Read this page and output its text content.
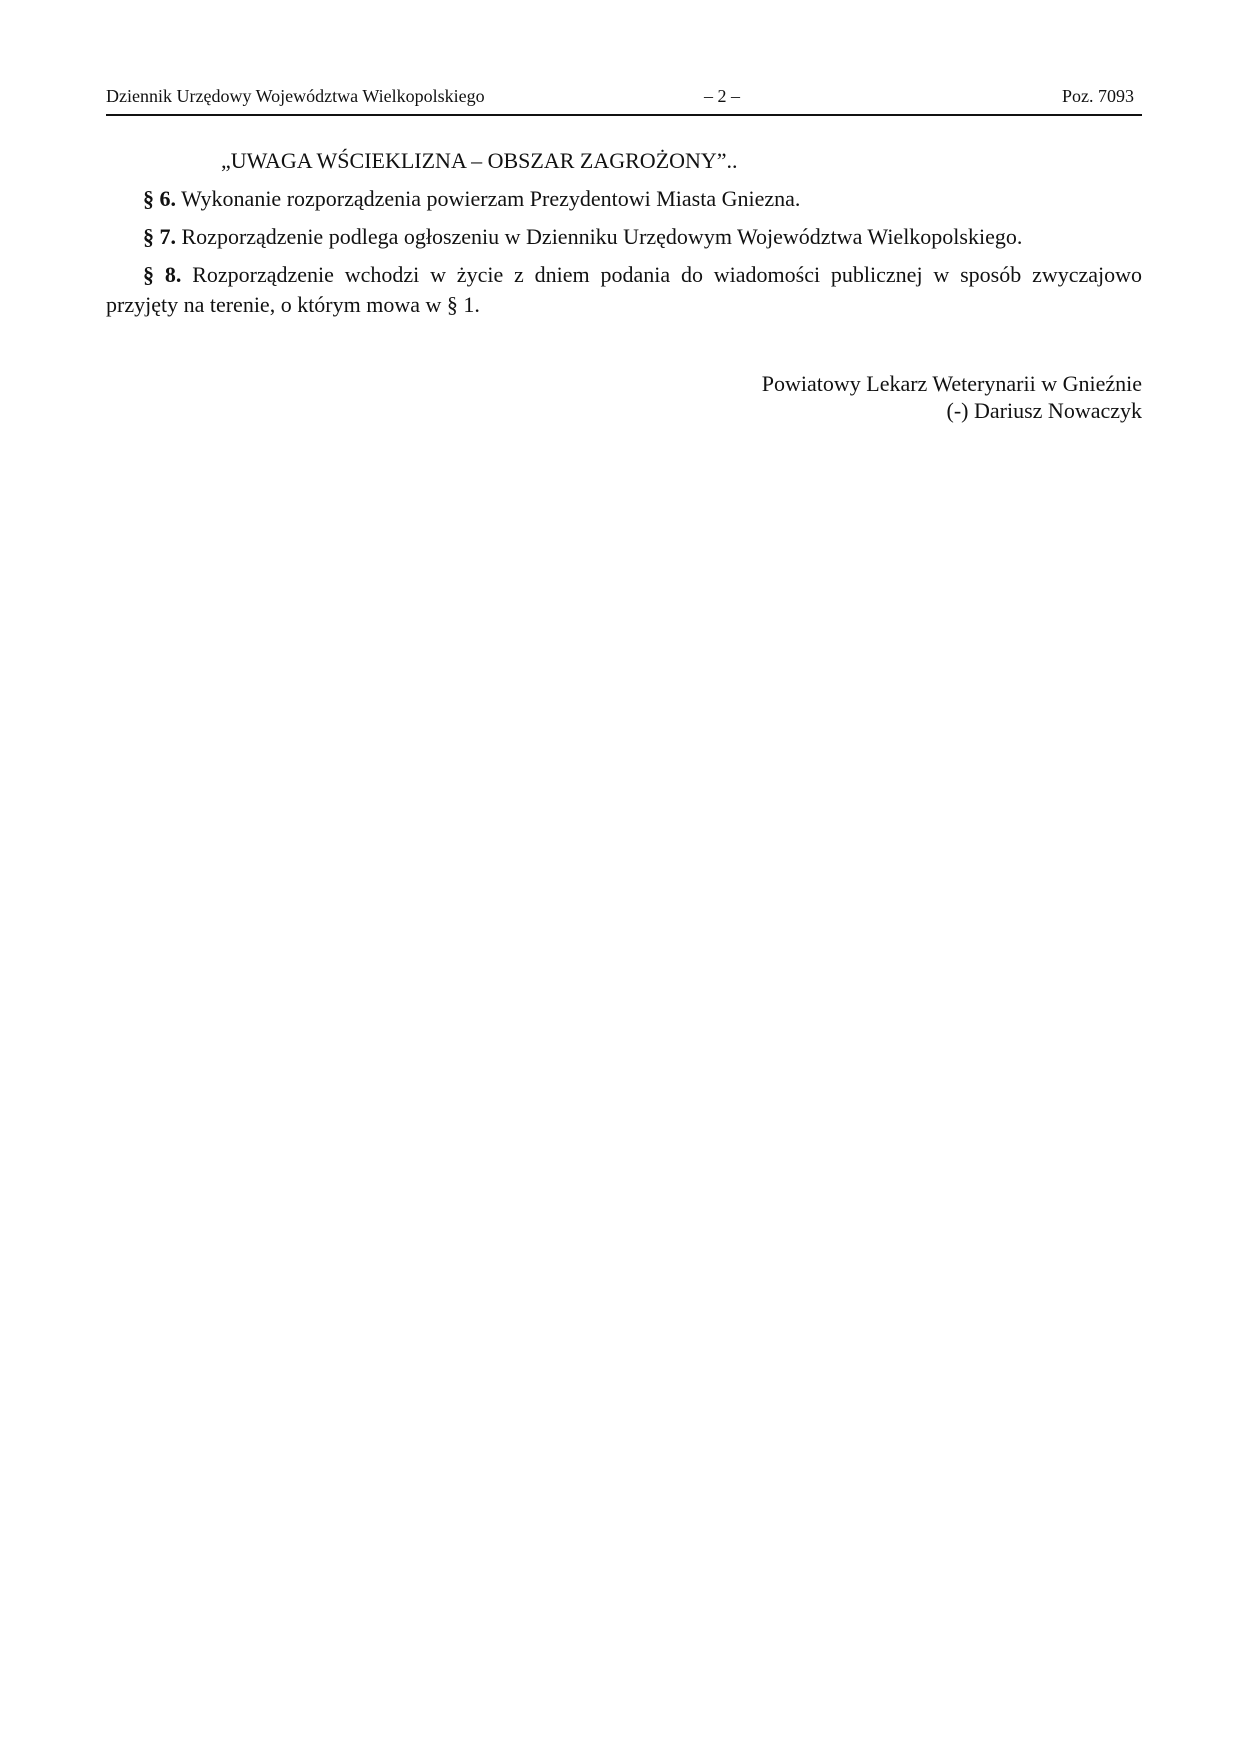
Dziennik Urzędowy Województwa Wielkopolskiego	– 2 –	Poz. 7093

„UWAGA WŚCIEKLIZNA – OBSZAR ZAGROŻONY”..

§ 6. Wykonanie rozporządzenia powierzam Prezydentowi Miasta Gniezna.

§ 7. Rozporządzenie podlega ogłoszeniu w Dzienniku Urzędowym Województwa Wielkopolskiego.

§ 8. Rozporządzenie wchodzi w życie z dniem podania do wiadomości publicznej w sposób zwyczajowo przyjęty na terenie, o którym mowa w § 1.

Powiatowy Lekarz Weterynarii w Gnieźnie
(-) Dariusz Nowaczyk
